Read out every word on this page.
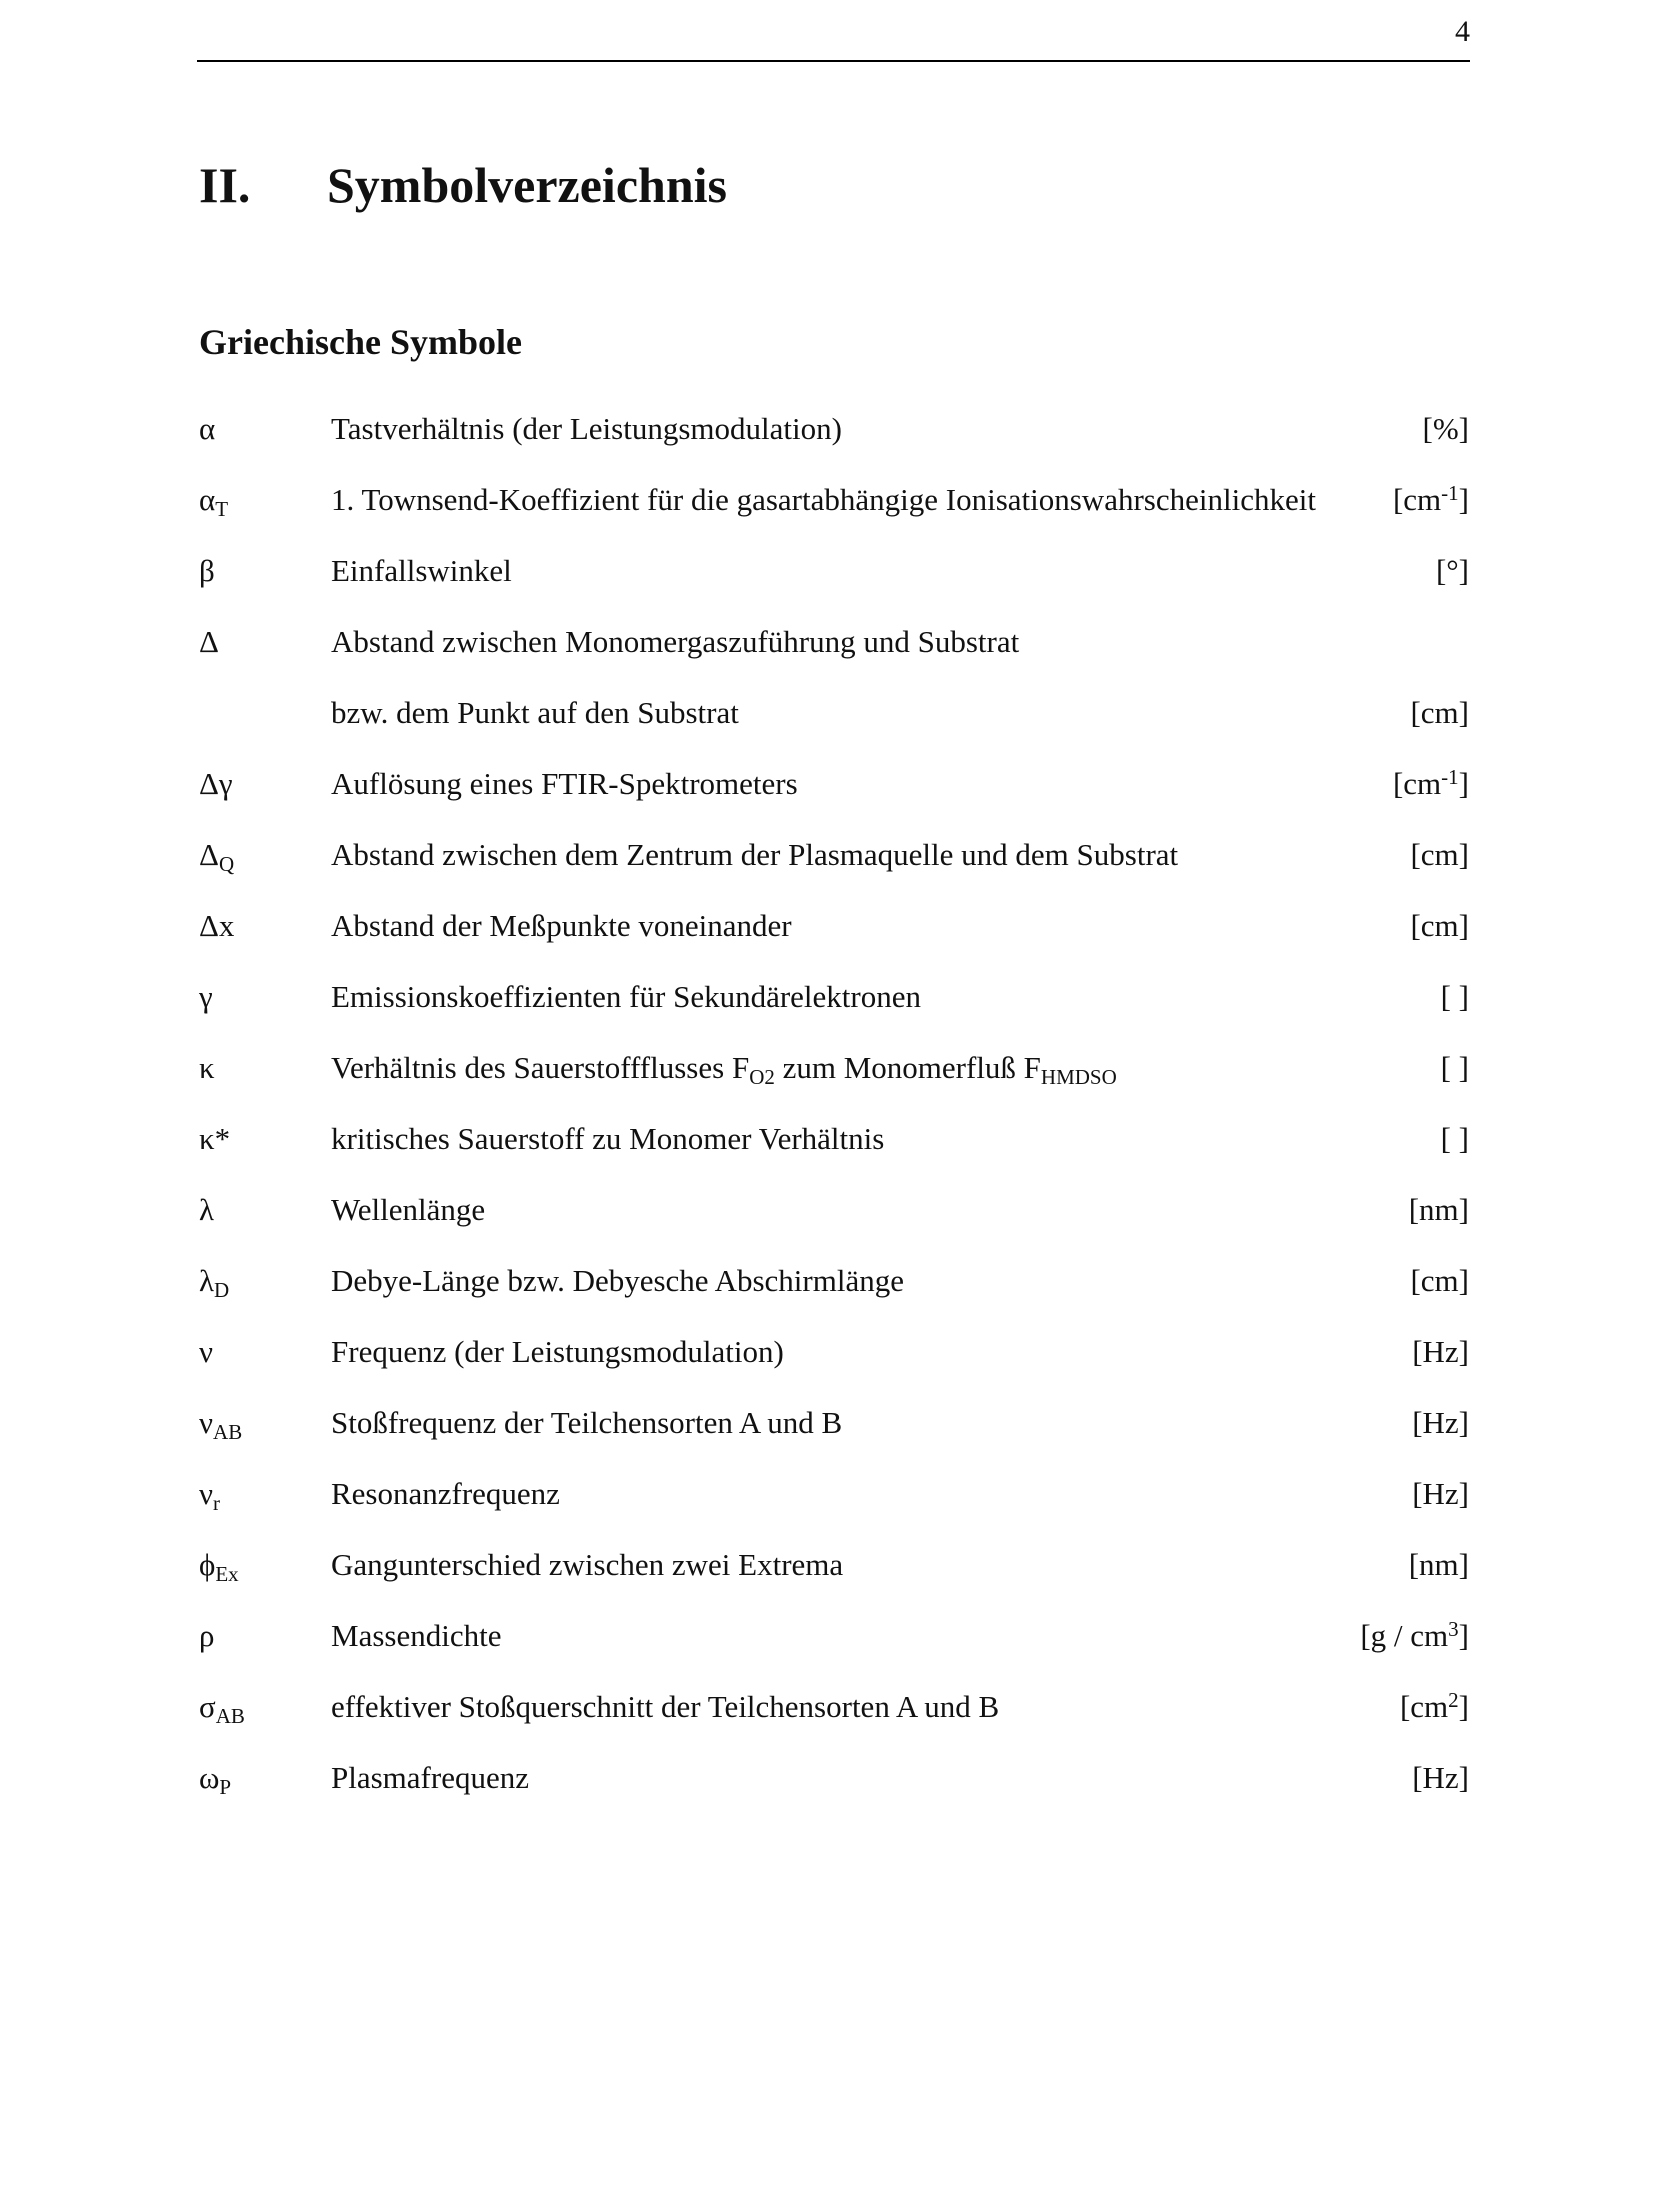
4
II. Symbolverzeichnis
Griechische Symbole
α	Tastverhältnis (der Leistungsmodulation)	[%]
$\alpha_T$	1. Townsend-Koeffizient für die gasartabhängige Ionisationswahrscheinlichkeit $[cm^{-1}]$
β	Einfallswinkel	[°]
Δ	Abstand zwischen Monomergaszuführung und Substrat
bzw. dem Punkt auf den Substrat	[cm]
Δγ	Auflösung eines FTIR-Spektrometers	$[cm^{-1}]$
$\Delta_Q$	Abstand zwischen dem Zentrum der Plasmaquelle und dem Substrat	[cm]
Δx	Abstand der Meßpunkte voneinander	[cm]
γ	Emissionskoeffizienten für Sekundärelektronen	[ ]
κ	Verhältnis des Sauerstoffflusses $F_{O2}$ zum Monomerfluß $F_{HMDSO}$	[ ]
κ*	kritisches Sauerstoff zu Monomer Verhältnis	[ ]
λ	Wellenlänge	[nm]
$\lambda_D$	Debye-Länge bzw. Debyesche Abschirmlänge	[cm]
ν	Frequenz (der Leistungsmodulation)	[Hz]
$\nu_{AB}$	Stoßfrequenz der Teilchensorten A und B	[Hz]
$\nu_r$	Resonanzfrequenz	[Hz]
$\phi_{Ex}$	Gangunterschied zwischen zwei Extrema	[nm]
ρ	Massendichte	$[g / cm^3]$
$\sigma_{AB}$	effektiver Stoßquerschnitt der Teilchensorten A und B	$[cm^2]$
$\omega_P$	Plasmafrequenz	[Hz]
